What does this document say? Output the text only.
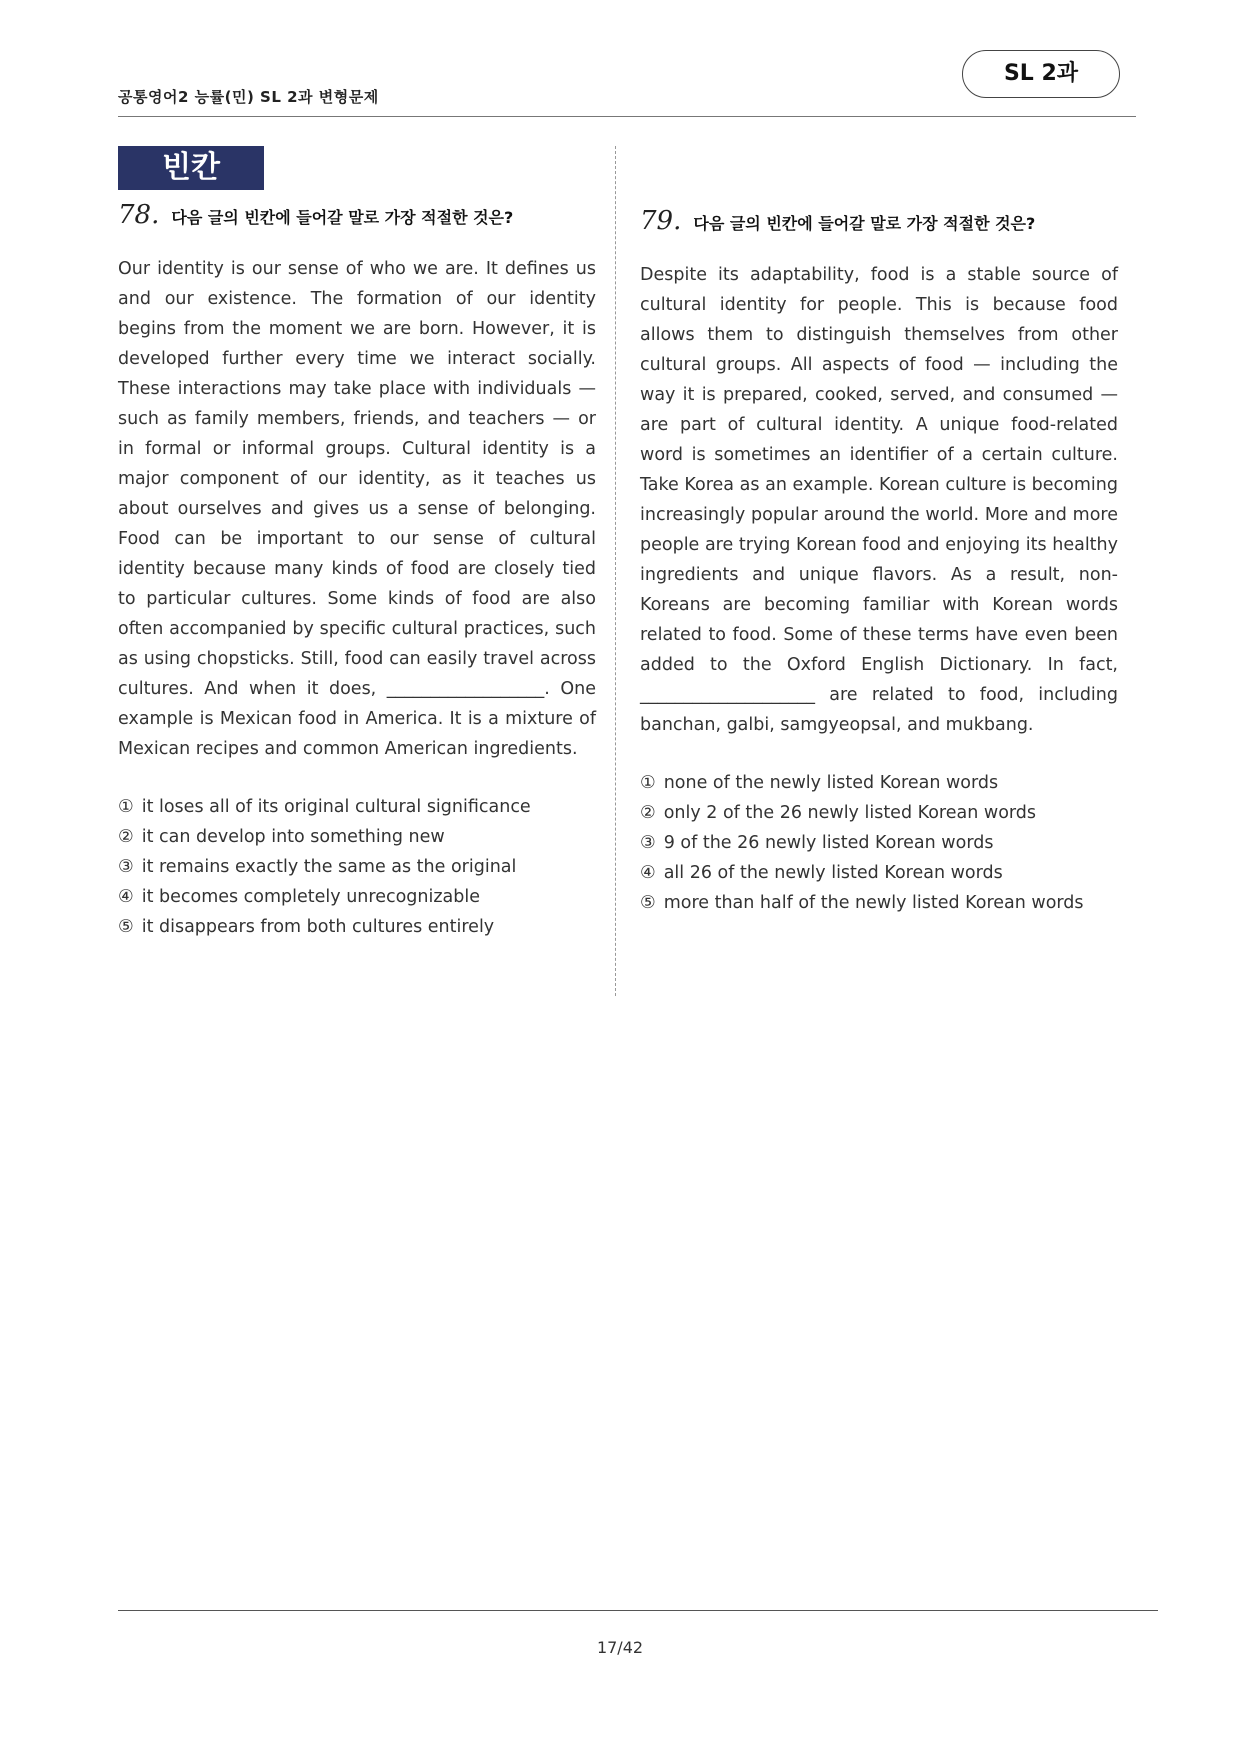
공통영어2 능률(민) SL 2과 변형문제
SL 2과
빈칸
78. 다음 글의 빈칸에 들어갈 말로 가장 적절한 것은?
Our identity is our sense of who we are. It defines us and our existence. The formation of our identity begins from the moment we are born. However, it is developed further every time we interact socially. These interactions may take place with individuals — such as family members, friends, and teachers — or in formal or informal groups. Cultural identity is a major component of our identity, as it teaches us about ourselves and gives us a sense of belonging. Food can be important to our sense of cultural identity because many kinds of food are closely tied to particular cultures. Some kinds of food are also often accompanied by specific cultural practices, such as using chopsticks. Still, food can easily travel across cultures. And when it does, __________________. One example is Mexican food in America. It is a mixture of Mexican recipes and common American ingredients.
① it loses all of its original cultural significance
② it can develop into something new
③ it remains exactly the same as the original
④ it becomes completely unrecognizable
⑤ it disappears from both cultures entirely
79. 다음 글의 빈칸에 들어갈 말로 가장 적절한 것은?
Despite its adaptability, food is a stable source of cultural identity for people. This is because food allows them to distinguish themselves from other cultural groups. All aspects of food — including the way it is prepared, cooked, served, and consumed — are part of cultural identity. A unique food-related word is sometimes an identifier of a certain culture. Take Korea as an example. Korean culture is becoming increasingly popular around the world. More and more people are trying Korean food and enjoying its healthy ingredients and unique flavors. As a result, non-Koreans are becoming familiar with Korean words related to food. Some of these terms have even been added to the Oxford English Dictionary. In fact, ____________________ are related to food, including banchan, galbi, samgyeopsal, and mukbang.
① none of the newly listed Korean words
② only 2 of the 26 newly listed Korean words
③ 9 of the 26 newly listed Korean words
④ all 26 of the newly listed Korean words
⑤ more than half of the newly listed Korean words
17/42
